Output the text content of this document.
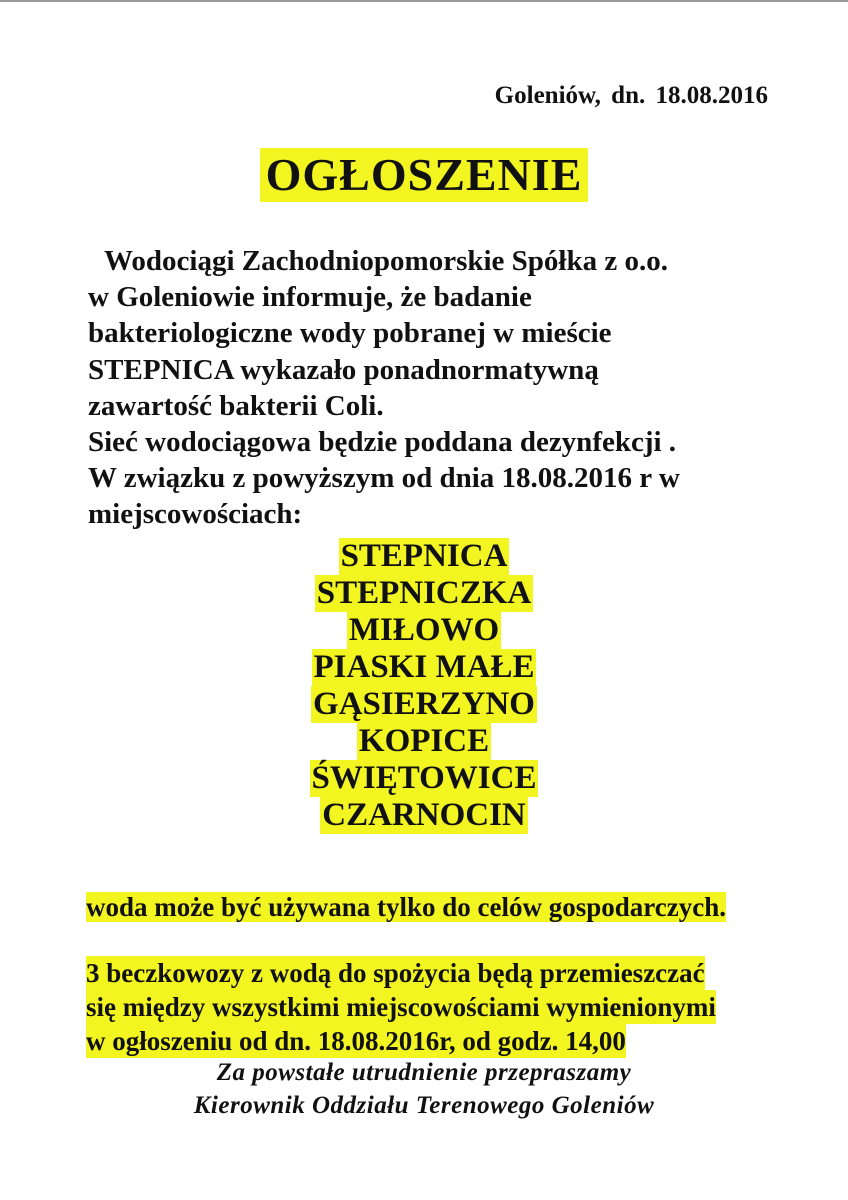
Goleniów, dn. 18.08.2016
OGŁOSZENIE
Wodociągi Zachodniopomorskie Spółka z o.o.
w Goleniowie informuje, że badanie
bakteriologiczne wody pobranej w mieście
STEPNICA wykazało ponadnormatywną
zawartość bakterii Coli.
Sieć wodociągowa będzie poddana dezynfekcji .
W związku z powyższym od dnia 18.08.2016 r w
miejscowościach:
STEPNICA
STEPNICZKA
MIŁOWO
PIASKI MAŁE
GĄSIERZYNO
KOPICE
ŚWIĘTOWICE
CZARNOCIN
woda może być używana tylko do celów gospodarczych.
3 beczkowozy z wodą do spożycia będą przemieszczać
się między wszystkimi miejscowościami wymienionymi
w ogłoszeniu od dn. 18.08.2016r, od godz. 14,00
Za powstałe utrudnienie przepraszamy
Kierownik Oddziału Terenowego Goleniów
